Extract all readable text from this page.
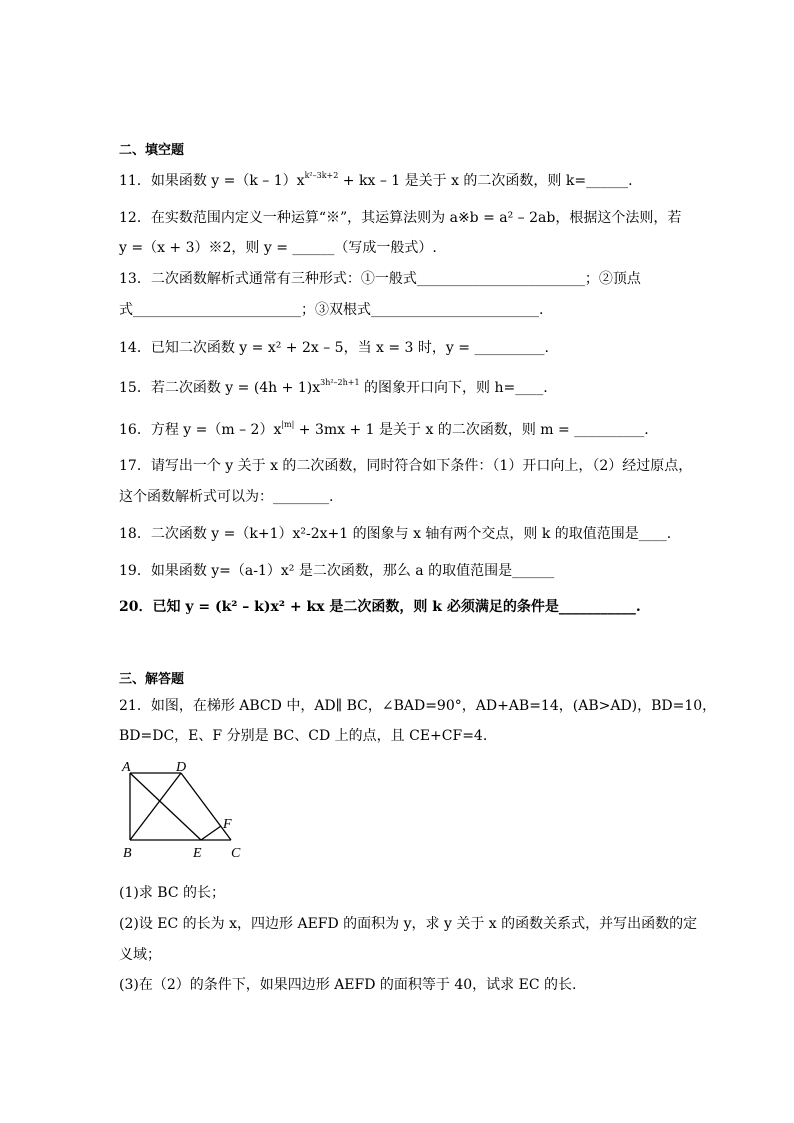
二、填空题
11．如果函数 $y =(k - 1)x^{k^2-3k+2}$ + kx – 1 是关于 x 的二次函数，则 k=______.
12．在实数范围内定义一种运算“※”，其运算法则为 a※b = a² – 2ab，根据这个法则，若
y =（x + 3）※2，则 y = ______（写成一般式）.
13．二次函数解析式通常有三种形式：①一般式________________________；②顶点
式________________________；③双根式________________________.
14．已知二次函数 y = x² + 2x – 5，当 x = 3 时，y = __________.
15．若二次函数 $y = (4h + 1)x^{3h^2-2h+1}$ 的图象开口向下，则 h=____.
16．方程 $y =(m - 2)x^{|m|} + 3mx + 1$ 是关于 x 的二次函数，则 m = __________.
17．请写出一个 y 关于 x 的二次函数，同时符合如下条件：（1）开口向上，（2）经过原点，
这个函数解析式可以为：________.
18．二次函数 y =（k+1）x²-2x+1 的图象与 x 轴有两个交点，则 k 的取值范围是____.
19．如果函数 y=（a-1）x² 是二次函数，那么 a 的取值范围是______
20．已知 y = (k² – k)x² + kx 是二次函数，则 k 必须满足的条件是___________.
三、解答题
21．如图，在梯形 ABCD 中，AD∥ BC，∠BAD=90°，AD+AB=14，(AB>AD)，BD=10，
BD=DC，E、F 分别是 BC、CD 上的点，且 CE+CF=4.
A	D
F
B	E C
(1)求 BC 的长；
(2)设 EC 的长为 x，四边形 AEFD 的面积为 y，求 y 关于 x 的函数关系式，并写出函数的定
义域；
(3)在（2）的条件下，如果四边形 AEFD 的面积等于 40，试求 EC 的长.
